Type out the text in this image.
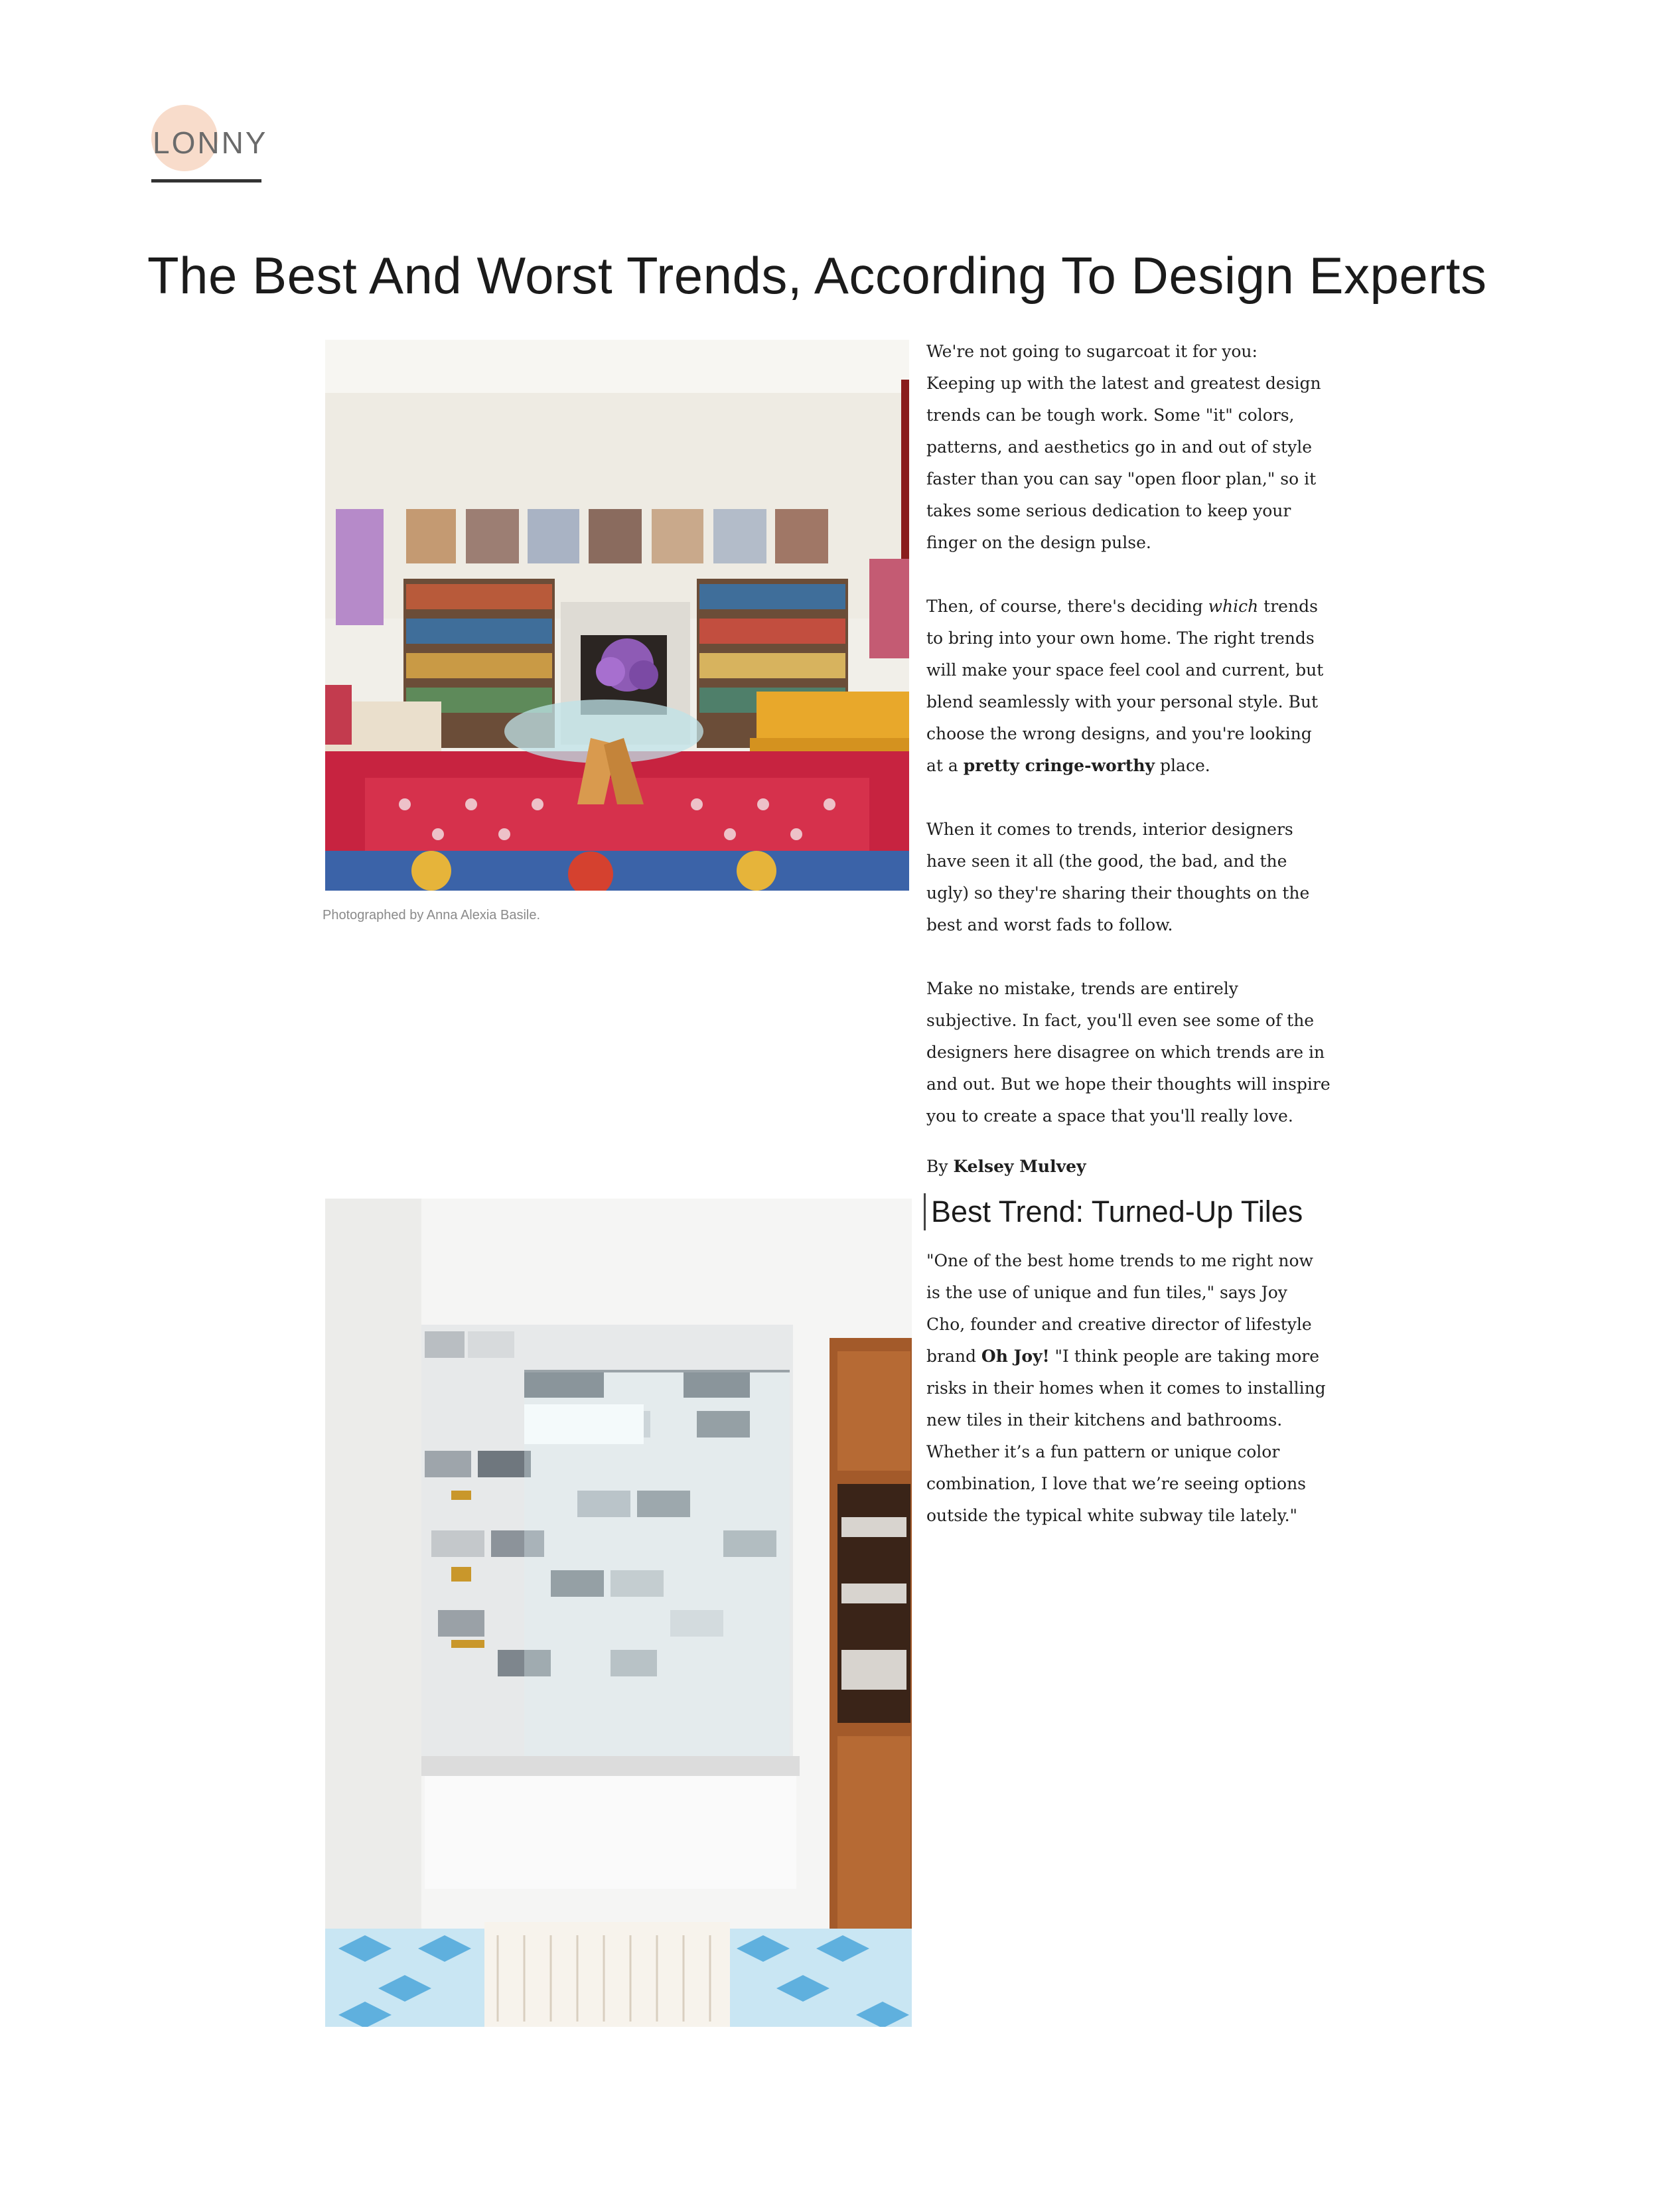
LONNY
The Best And Worst Trends, According To Design Experts
Photographed by Anna Alexia Basile.

We're not going to sugarcoat it for you: Keeping up with the latest and greatest design trends can be tough work. Some "it" colors, patterns, and aesthetics go in and out of style faster than you can say "open floor plan," so it takes some serious dedication to keep your finger on the design pulse.

Then, of course, there's deciding which trends to bring into your own home. The right trends will make your space feel cool and current, but blend seamlessly with your personal style. But choose the wrong designs, and you're looking at a pretty cringe-worthy place.

When it comes to trends, interior designers have seen it all (the good, the bad, and the ugly) so they're sharing their thoughts on the best and worst fads to follow.

Make no mistake, trends are entirely subjective. In fact, you'll even see some of the designers here disagree on which trends are in and out. But we hope their thoughts will inspire you to create a space that you'll really love.

By Kelsey Mulvey

Best Trend: Turned-Up Tiles

"One of the best home trends to me right now is the use of unique and fun tiles," says Joy Cho, founder and creative director of lifestyle brand Oh Joy! "I think people are taking more risks in their homes when it comes to installing new tiles in their kitchens and bathrooms. Whether it’s a fun pattern or unique color combination, I love that we’re seeing options outside the typical white subway tile lately."
